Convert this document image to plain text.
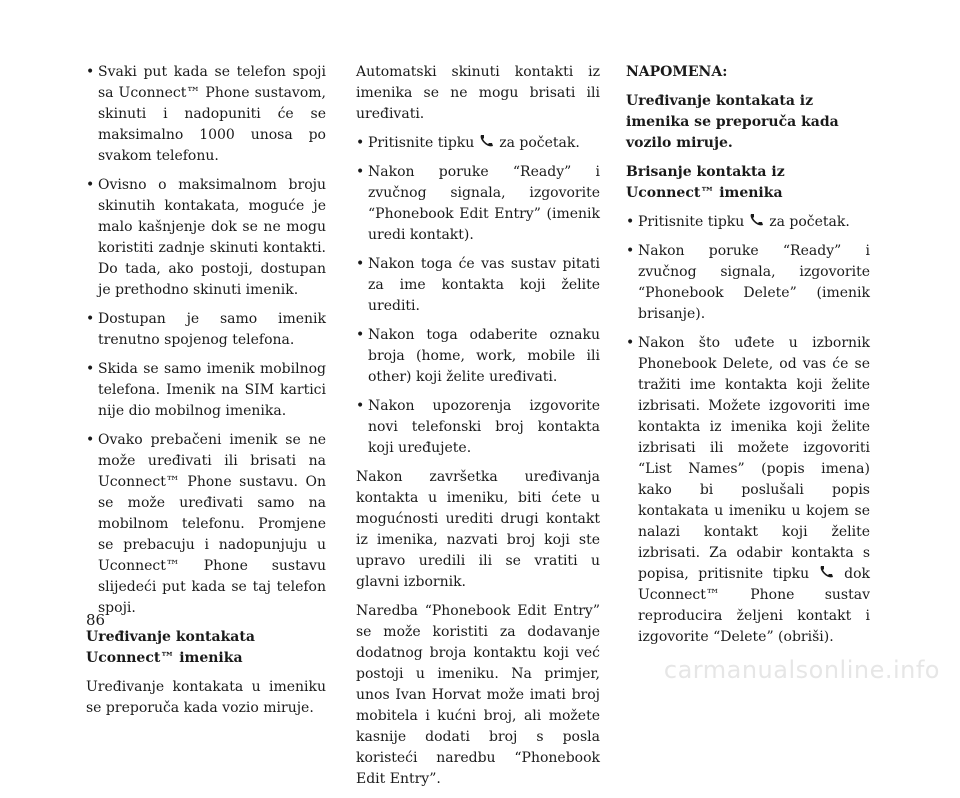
• Svaki put kada se telefon spoji sa Uconnect™ Phone sustavom, skinuti i nadopuniti će se maksimalno 1000 unosa po svakom telefonu.
• Ovisno o maksimalnom broju skinutih kontakata, moguće je malo kašnjenje dok se ne mogu koristiti zadnje skinuti kontakti. Do tada, ako postoji, dostupan je prethodno skinuti imenik.
• Dostupan je samo imenik trenutno spojenog telefona.
• Skida se samo imenik mobilnog telefona. Imenik na SIM kartici nije dio mobilnog imenika.
• Ovako prebačeni imenik se ne može uređivati ili brisati na Uconnect™ Phone sustavu. On se može uređivati samo na mobilnom telefonu. Promjene se prebacuju i nadopunjuju u Uconnect™ Phone sustavu slijedeći put kada se taj telefon spoji.
Uređivanje kontakata Uconnect™ imenika

Uređivanje kontakata u imeniku se preporuča kada vozio miruje.

Automatski skinuti kontakti iz imenika se ne mogu brisati ili uređivati.

• Pritisnite tipku za početak.
• Nakon poruke “Ready” i zvučnog signala, izgovorite “Phonebook Edit Entry” (imenik uredi kontakt).
• Nakon toga će vas sustav pitati za ime kontakta koji želite urediti.
• Nakon toga odaberite oznaku broja (home, work, mobile ili other) koji želite uređivati.
• Nakon upozorenja izgovorite novi telefonski broj kontakta koji uređujete.

Nakon završetka uređivanja kontakta u imeniku, biti ćete u mogućnosti urediti drugi kontakt iz imenika, nazvati broj koji ste upravo uredili ili se vratiti u glavni izbornik.

Naredba “Phonebook Edit Entry” se može koristiti za dodavanje dodatnog broja kontaktu koji već postoji u imeniku. Na primjer, unos Ivan Horvat može imati broj mobitela i kućni broj, ali možete kasnije dodati broj s posla koristeći naredbu “Phonebook Edit Entry”.

NAPOMENA:
Uređivanje kontakata iz imenika se preporuča kada vozilo miruje.
Brisanje kontakta iz Uconnect™ imenika
• Pritisnite tipku za početak.
• Nakon poruke “Ready” i zvučnog signala, izgovorite “Phonebook Delete” (imenik brisanje).
• Nakon što uđete u izbornik Phonebook Delete, od vas će se tražiti ime kontakta koji želite izbrisati. Možete izgovoriti ime kontakta iz imenika koji želite izbrisati ili možete izgovoriti “List Names” (popis imena) kako bi poslušali popis kontakata u imeniku u kojem se nalazi kontakt koji želite izbrisati. Za odabir kontakta s popisa, pritisnite tipku dok Uconnect™ Phone sustav reproducira željeni kontakt i izgovorite “Delete” (obriši).
86
carmanualsonline.info
